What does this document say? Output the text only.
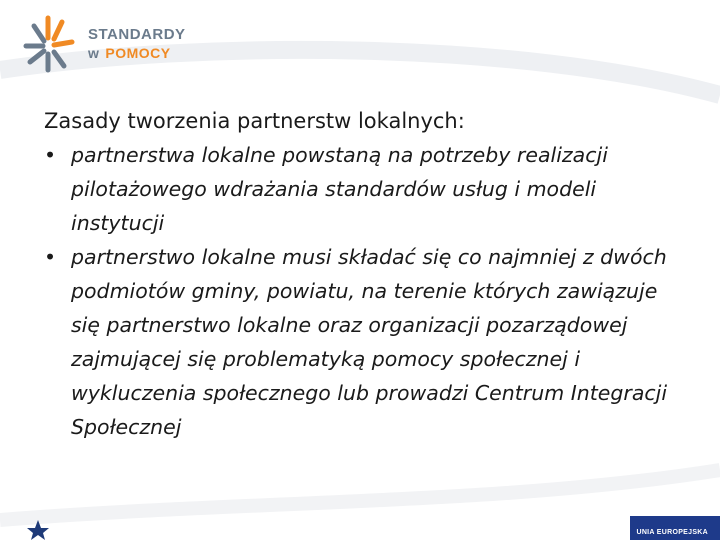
STANDARDY
w POMOCY
Zasady tworzenia partnerstw lokalnych:
• partnerstwa lokalne powstaną na potrzeby realizacji pilotażowego wdrażania standardów usług i modeli instytucji
• partnerstwo lokalne musi składać się co najmniej z dwóch podmiotów gminy, powiatu, na terenie których zawiązuje się partnerstwo lokalne oraz organizacji pozarządowej zajmującej się problematyką pomocy społecznej i wykluczenia społecznego lub prowadzi Centrum Integracji Społecznej
UNIA EUROPEJSKA
